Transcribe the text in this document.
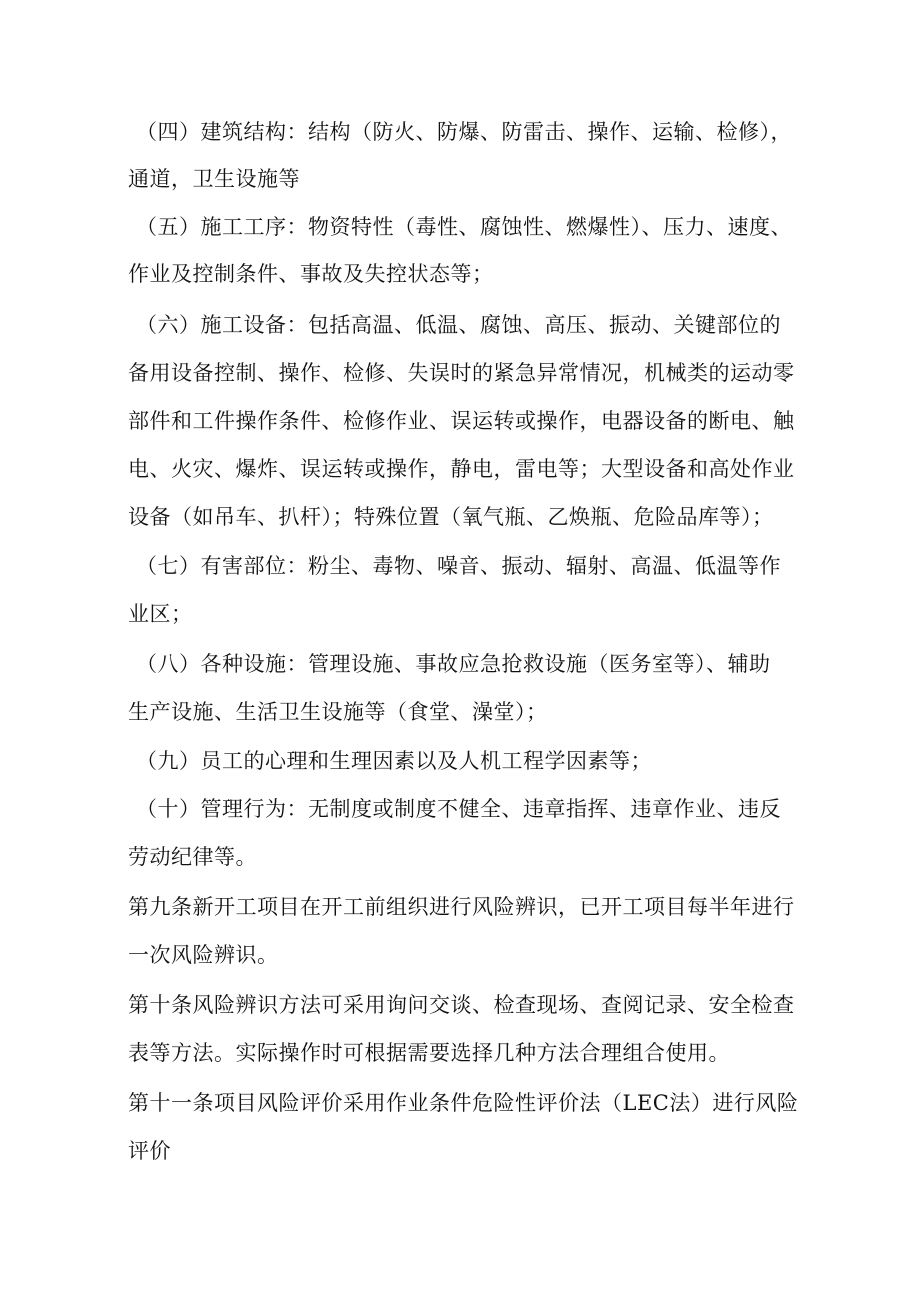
（四）建筑结构：结构（防火、防爆、防雷击、操作、运输、检修），
通道，卫生设施等
（五）施工工序：物资特性（毒性、腐蚀性、燃爆性）、压力、速度、
作业及控制条件、事故及失控状态等；
（六）施工设备：包括高温、低温、腐蚀、高压、振动、关键部位的
备用设备控制、操作、检修、失误时的紧急异常情况，机械类的运动零
部件和工件操作条件、检修作业、误运转或操作，电器设备的断电、触
电、火灾、爆炸、误运转或操作，静电，雷电等；大型设备和高处作业
设备（如吊车、扒杆）；特殊位置（氧气瓶、乙焕瓶、危险品库等）；
（七）有害部位：粉尘、毒物、噪音、振动、辐射、高温、低温等作
业区；
（八）各种设施：管理设施、事故应急抢救设施（医务室等）、辅助
生产设施、生活卫生设施等（食堂、澡堂）；
（九）员工的心理和生理因素以及人机工程学因素等；
（十）管理行为：无制度或制度不健全、违章指挥、违章作业、违反
劳动纪律等。
第九条新开工项目在开工前组织进行风险辨识，已开工项目每半年进行
一次风险辨识。
第十条风险辨识方法可采用询问交谈、检查现场、查阅记录、安全检查
表等方法。实际操作时可根据需要选择几种方法合理组合使用。
第十一条项目风险评价采用作业条件危险性评价法（LEC法）进行风险
评价
